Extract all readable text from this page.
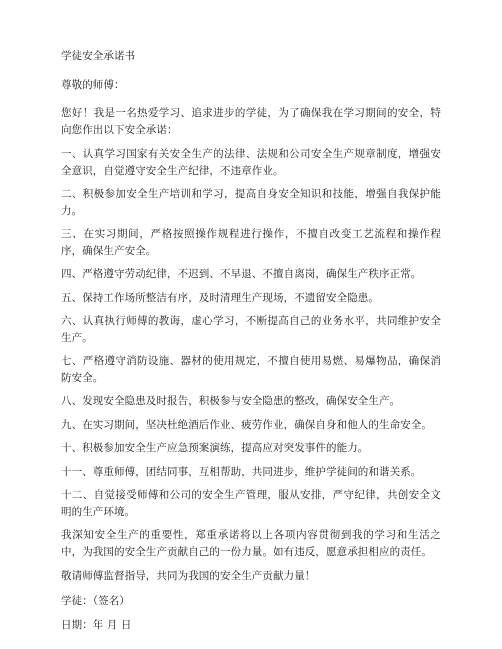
学徒安全承诺书

尊敬的师傅：

您好！我是一名热爱学习、追求进步的学徒，为了确保我在学习期间的安全，特向您作出以下安全承诺：

一、认真学习国家有关安全生产的法律、法规和公司安全生产规章制度，增强安全意识，自觉遵守安全生产纪律，不违章作业。

二、积极参加安全生产培训和学习，提高自身安全知识和技能，增强自我保护能力。

三、在实习期间，严格按照操作规程进行操作，不擅自改变工艺流程和操作程序，确保生产安全。

四、严格遵守劳动纪律，不迟到、不早退、不擅自离岗，确保生产秩序正常。

五、保持工作场所整洁有序，及时清理生产现场，不遗留安全隐患。

六、认真执行师傅的教诲，虚心学习，不断提高自己的业务水平，共同维护安全生产。

七、严格遵守消防设施、器材的使用规定，不擅自使用易燃、易爆物品，确保消防安全。

八、发现安全隐患及时报告，积极参与安全隐患的整改，确保安全生产。

九、在实习期间，坚决杜绝酒后作业、疲劳作业，确保自身和他人的生命安全。

十、积极参加安全生产应急预案演练，提高应对突发事件的能力。

十一、尊重师傅，团结同事，互相帮助，共同进步，维护学徒间的和谐关系。

十二、自觉接受师傅和公司的安全生产管理，服从安排，严守纪律，共创安全文明的生产环境。

我深知安全生产的重要性，郑重承诺将以上各项内容贯彻到我的学习和生活之中，为我国的安全生产贡献自己的一份力量。如有违反，愿意承担相应的责任。

敬请师傅监督指导，共同为我国的安全生产贡献力量！

学徒：（签名）

日期：年 月 日
